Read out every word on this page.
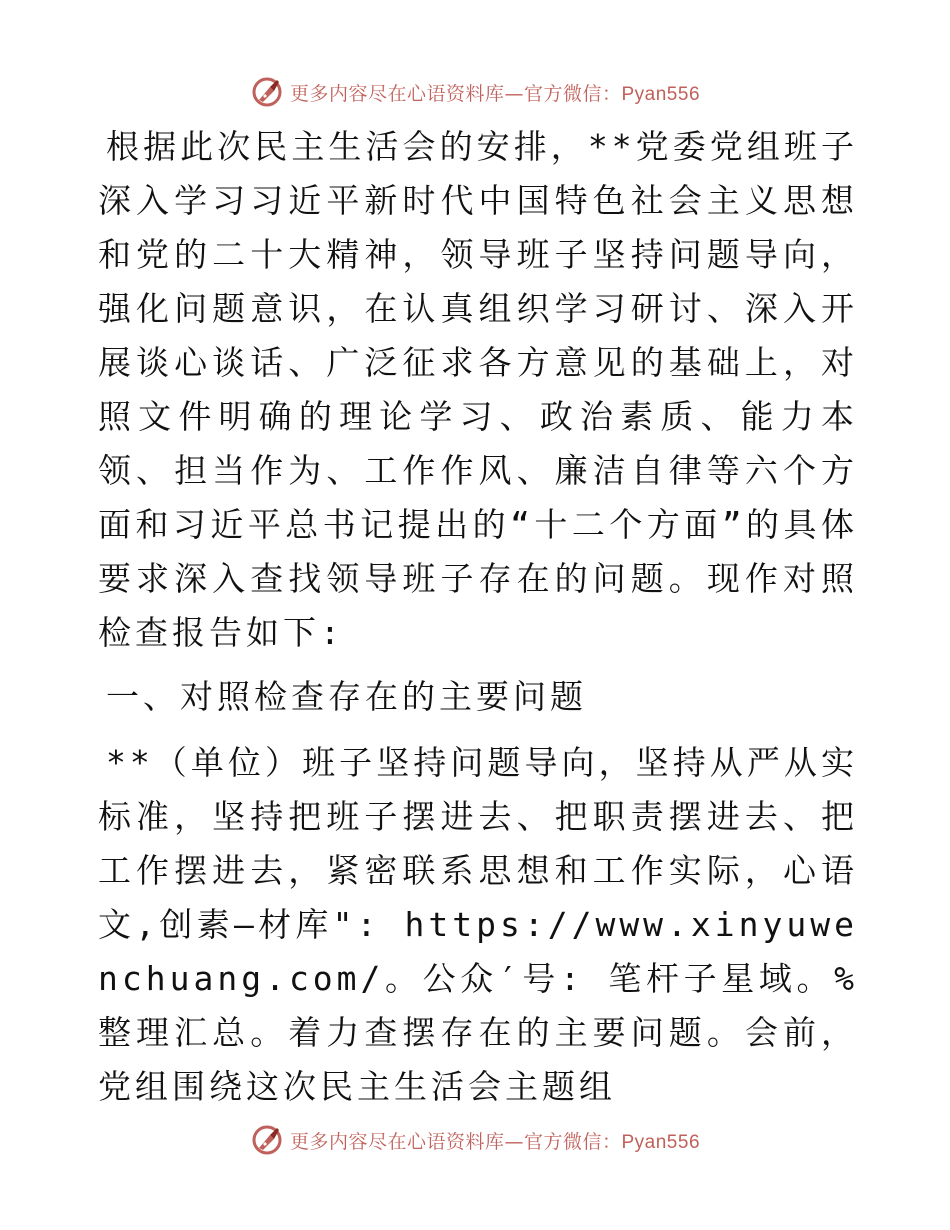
更多内容尽在心语资料库—官方微信：Pyan556

根据此次民主生活会的安排，**党委党组班子深入学习习近平新时代中国特色社会主义思想和党的二十大精神，领导班子坚持问题导向，强化问题意识，在认真组织学习研讨、深入开展谈心谈话、广泛征求各方意见的基础上，对照文件明确的理论学习、政治素质、能力本领、担当作为、工作作风、廉洁自律等六个方面和习近平总书记提出的“十二个方面”的具体要求深入查找领导班子存在的问题。现作对照检查报告如下:

一、对照检查存在的主要问题

**（单位）班子坚持问题导向，坚持从严从实标准，坚持把班子摆进去、把职责摆进去、把工作摆进去，紧密联系思想和工作实际，心语文,创素—材库": https://www.xinyuwenchuang.com/。公众′号: 笔杆子星域。%整理汇总。着力查摆存在的主要问题。会前，党组围绕这次民主生活会主题组

更多内容尽在心语资料库—官方微信：Pyan556
